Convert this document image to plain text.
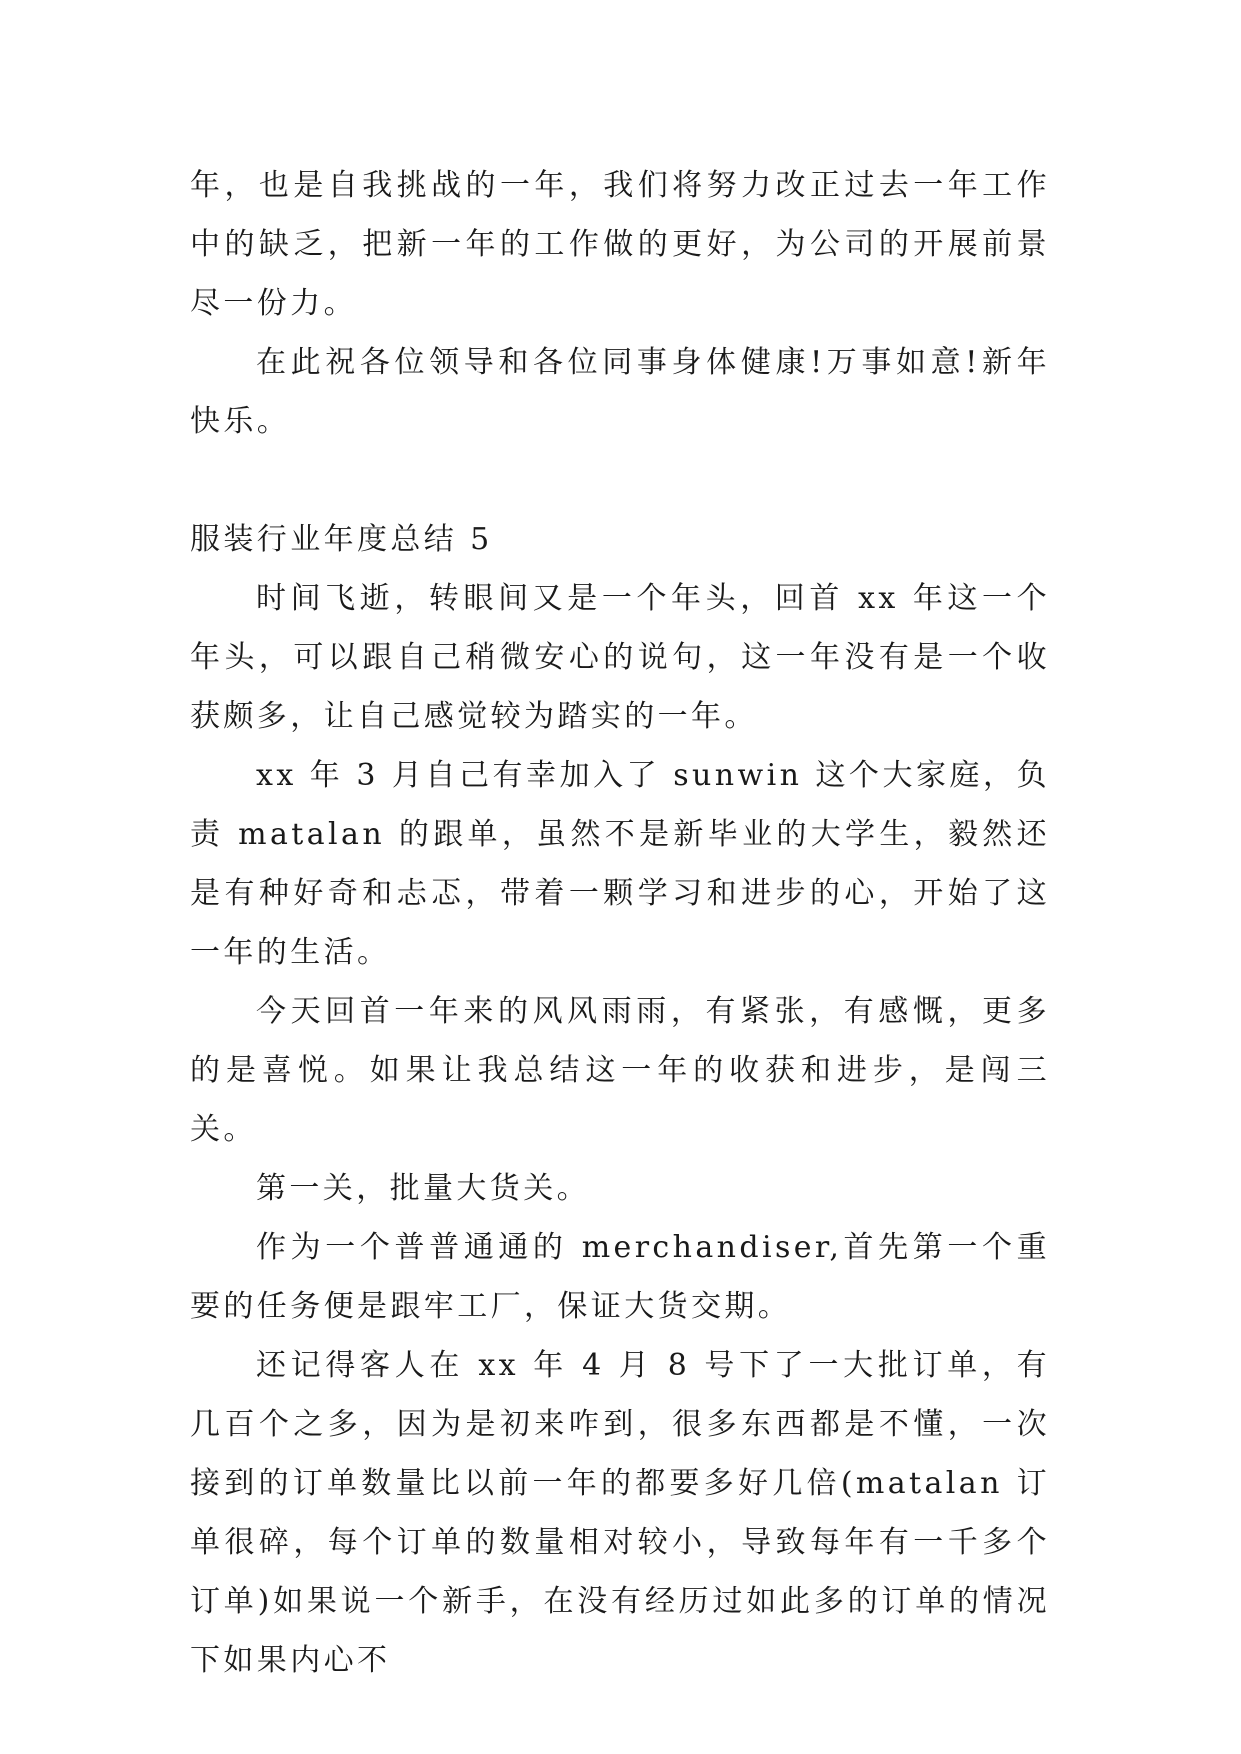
年，也是自我挑战的一年，我们将努力改正过去一年工作中的缺乏，把新一年的工作做的更好，为公司的开展前景尽一份力。

在此祝各位领导和各位同事身体健康!万事如意!新年快乐。

服装行业年度总结 5

时间飞逝，转眼间又是一个年头，回首 xx 年这一个年头，可以跟自己稍微安心的说句，这一年没有是一个收获颇多，让自己感觉较为踏实的一年。

xx 年 3 月自己有幸加入了 sunwin 这个大家庭，负责 matalan 的跟单，虽然不是新毕业的大学生，毅然还是有种好奇和忐忑，带着一颗学习和进步的心，开始了这一年的生活。

今天回首一年来的风风雨雨，有紧张，有感慨，更多的是喜悦。如果让我总结这一年的收获和进步，是闯三关。

第一关，批量大货关。

作为一个普普通通的 merchandiser,首先第一个重要的任务便是跟牢工厂，保证大货交期。

还记得客人在 xx 年 4 月 8 号下了一大批订单，有几百个之多，因为是初来咋到，很多东西都是不懂，一次接到的订单数量比以前一年的都要多好几倍(matalan 订单很碎，每个订单的数量相对较小，导致每年有一千多个订单)如果说一个新手，在没有经历过如此多的订单的情况下如果内心不
